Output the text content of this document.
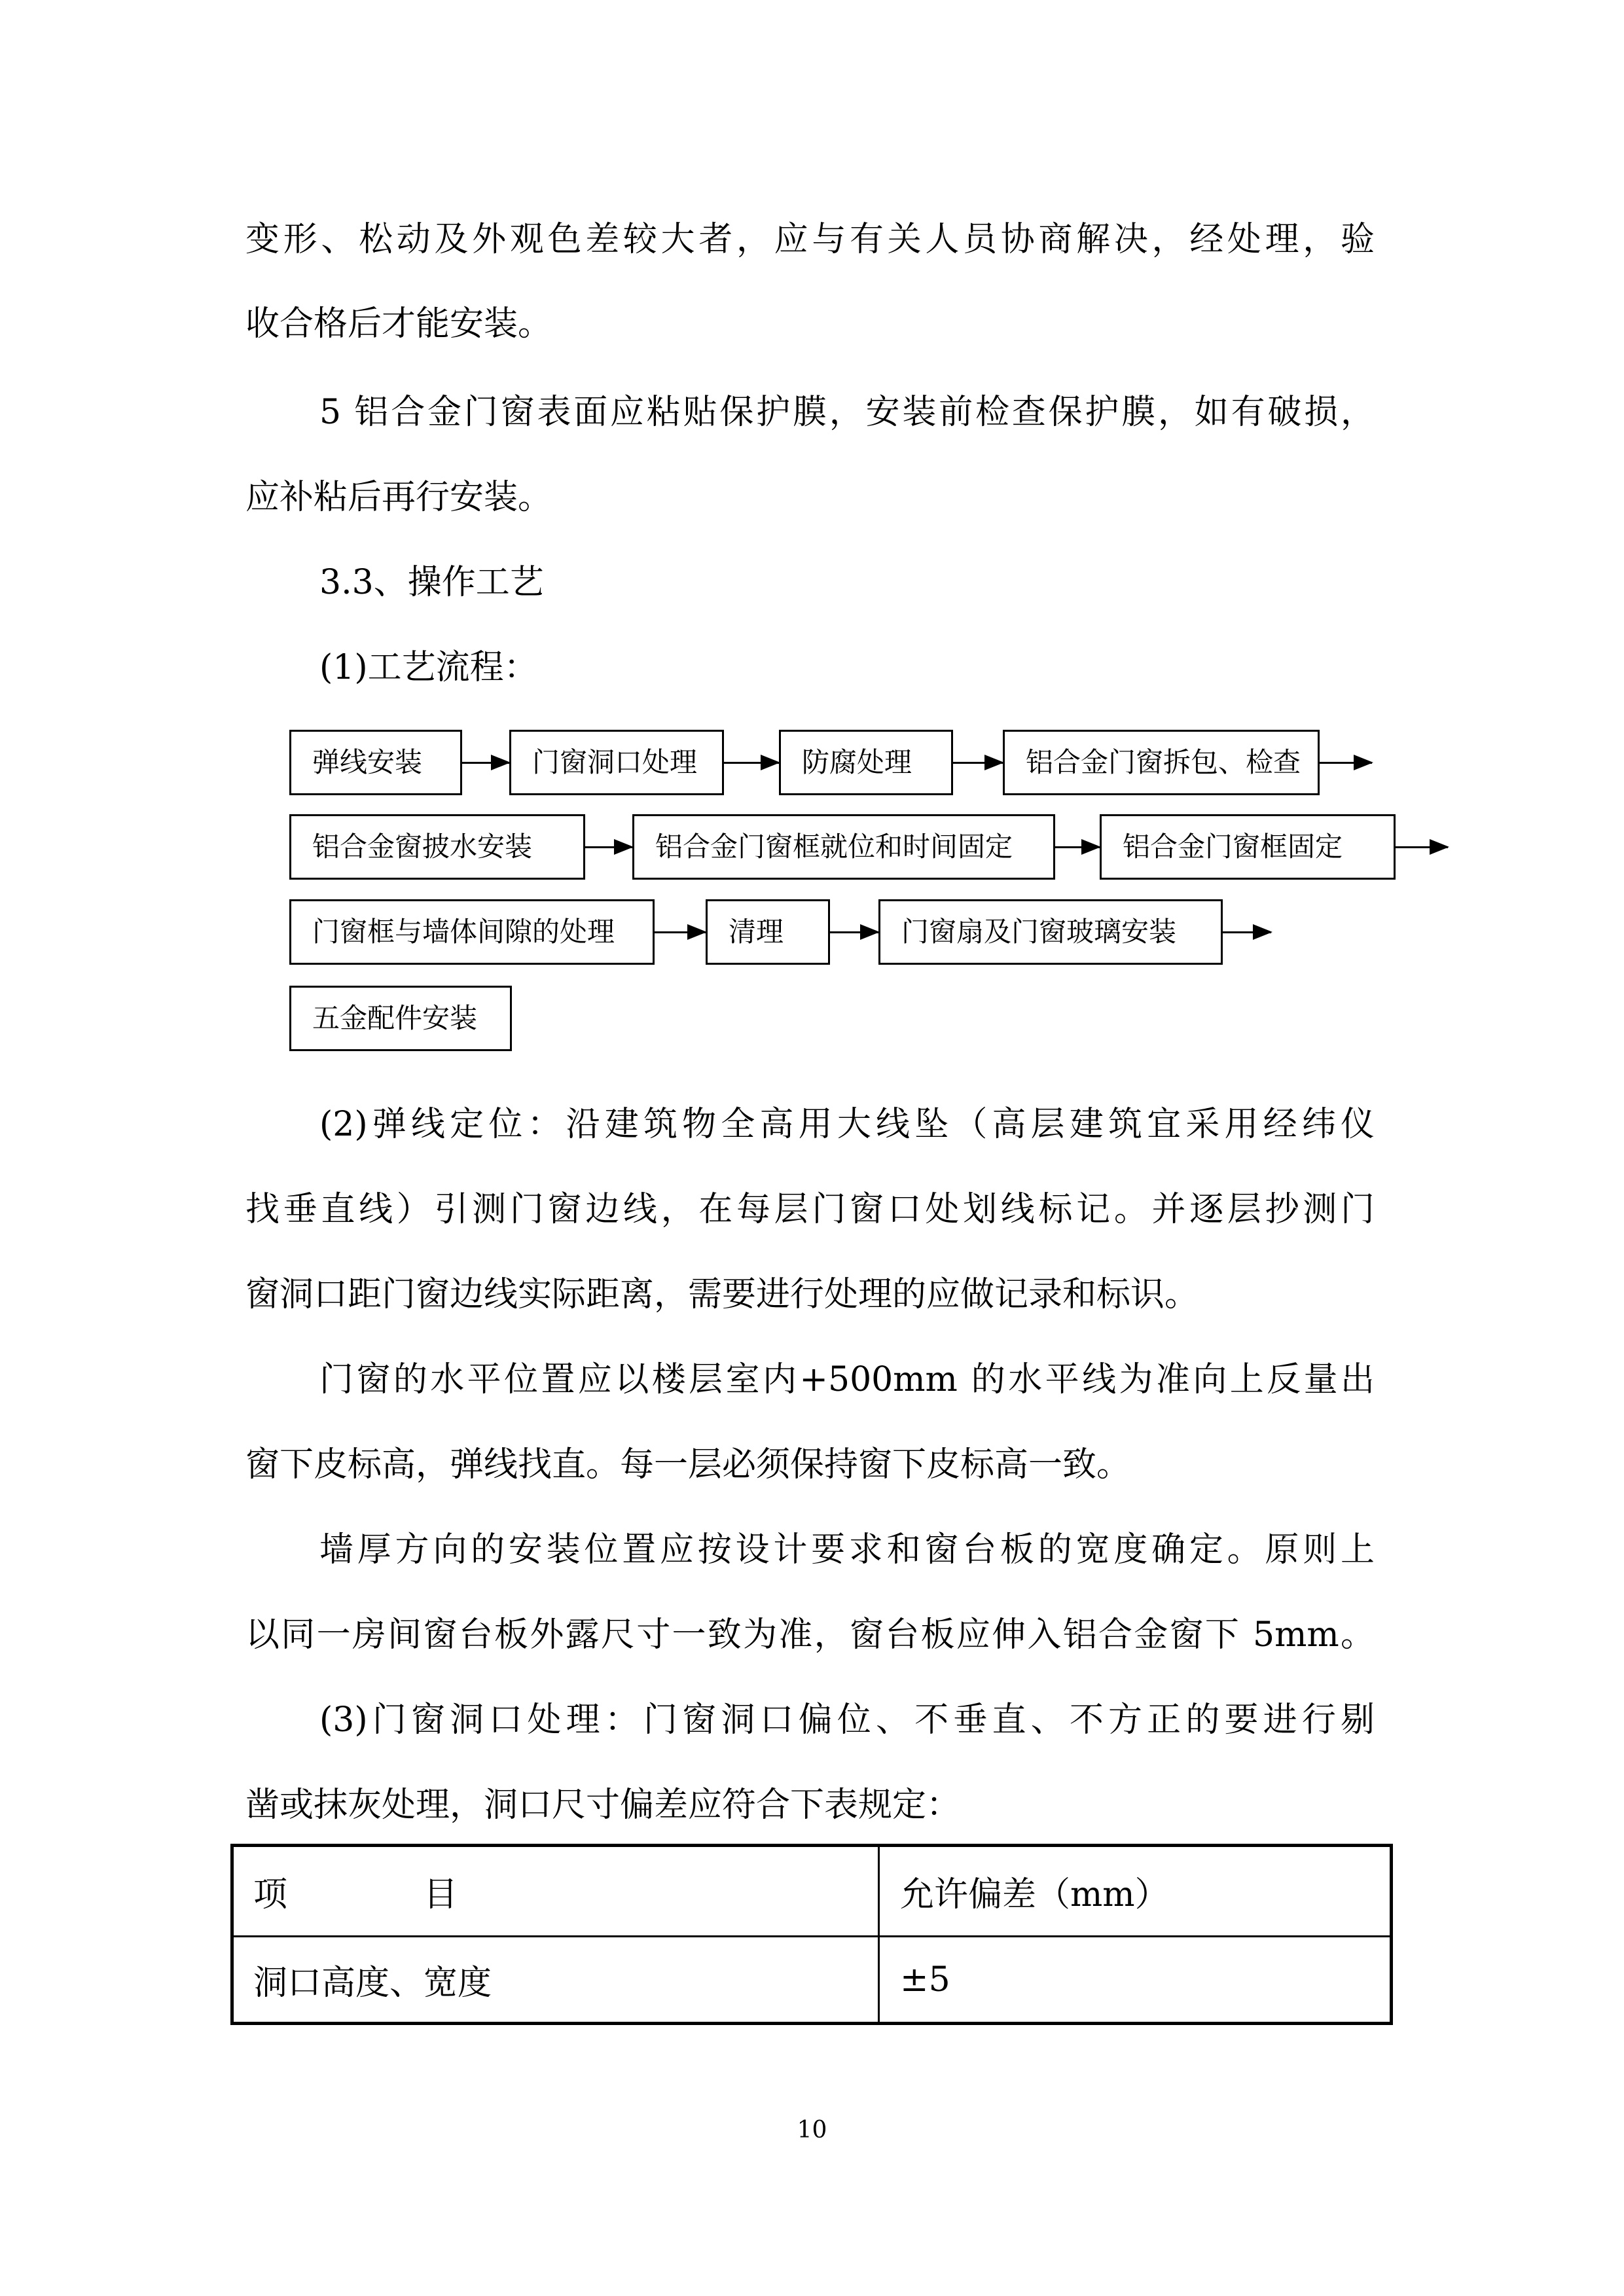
变形、松动及外观色差较大者，应与有关人员协商解决，经处理，验
收合格后才能安装。
5 铝合金门窗表面应粘贴保护膜，安装前检查保护膜，如有破损，
应补粘后再行安装。
3.3、操作工艺
(1)工艺流程：
弹线安装	门窗洞口处理	防腐处理	铝合金门窗拆包、检查
铝合金窗披水安装	铝合金门窗框就位和时间固定	铝合金门窗框固定
门窗框与墙体间隙的处理	清理	门窗扇及门窗玻璃安装
五金配件安装
(2)弹线定位：沿建筑物全高用大线坠（高层建筑宜采用经纬仪
找垂直线）引测门窗边线，在每层门窗口处划线标记。并逐层抄测门
窗洞口距门窗边线实际距离，需要进行处理的应做记录和标识。
门窗的水平位置应以楼层室内+500mm 的水平线为准向上反量出
窗下皮标高，弹线找直。每一层必须保持窗下皮标高一致。
墙厚方向的安装位置应按设计要求和窗台板的宽度确定。原则上
以同一房间窗台板外露尺寸一致为准，窗台板应伸入铝合金窗下 5mm。
(3)门窗洞口处理：门窗洞口偏位、不垂直、不方正的要进行剔
凿或抹灰处理，洞口尺寸偏差应符合下表规定：
项　　　　目	允许偏差（mm）
洞口高度、宽度	±5
10
